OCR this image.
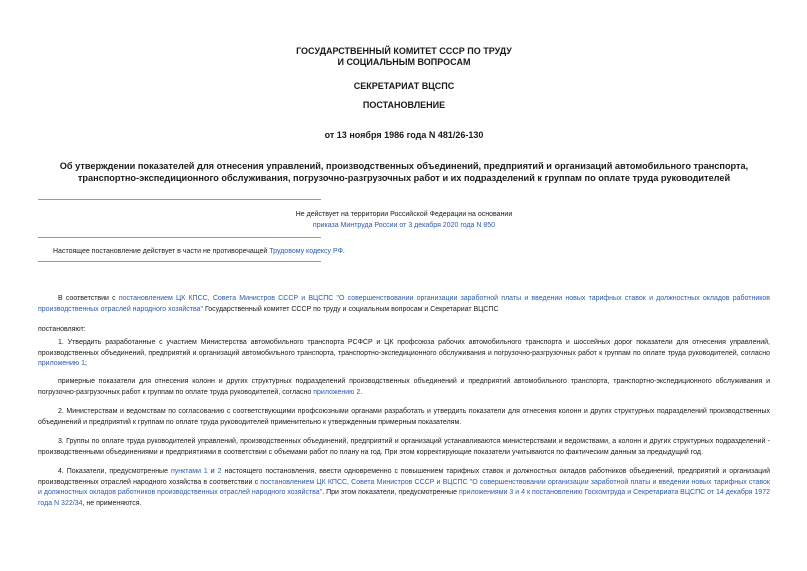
ГОСУДАРСТВЕННЫЙ КОМИТЕТ СССР ПО ТРУДУ
И СОЦИАЛЬНЫМ ВОПРОСАМ
СЕКРЕТАРИАТ ВЦСПС
ПОСТАНОВЛЕНИЕ
от 13 ноября 1986 года N 481/26-130
Об утверждении показателей для отнесения управлений, производственных объединений, предприятий и организаций автомобильного транспорта, транспортно-экспедиционного обслуживания, погрузочно-разгрузочных работ и их подразделений к группам по оплате труда руководителей
Не действует на территории Российской Федерации на основании
приказа Минтруда России от 3 декабря 2020 года N 850
Настоящее постановление действует в части не противоречащей Трудовому кодексу РФ.
В соответствии с постановлением ЦК КПСС, Совета Министров СССР и ВЦСПС "О совершенствовании организации заработной платы и введении новых тарифных ставок и должностных окладов работников производственных отраслей народного хозяйства" Государственный комитет СССР по труду и социальным вопросам и Секретариат ВЦСПС
постановляют:
1. Утвердить разработанные с участием Министерства автомобильного транспорта РСФСР и ЦК профсоюза рабочих автомобильного транспорта и шоссейных дорог показатели для отнесения управлений, производственных объединений, предприятий и организаций автомобильного транспорта, транспортно-экспедиционного обслуживания и погрузочно-разгрузочных работ к группам по оплате труда руководителей, согласно приложению 1;
примерные показатели для отнесения колонн и других структурных подразделений производственных объединений и предприятий автомобильного транспорта, транспортно-экспедиционного обслуживания и погрузочно-разгрузочных работ к группам по оплате труда руководителей, согласно приложению 2.
2. Министерствам и ведомствам по согласованию с соответствующими профсоюзными органами разработать и утвердить показатели для отнесения колонн и других структурных подразделений производственных объединений и предприятий к группам по оплате труда руководителей применительно к утвержденным примерным показателям.
3. Группы по оплате труда руководителей управлений, производственных объединений, предприятий и организаций устанавливаются министерствами и ведомствами, а колонн и других структурных подразделений - производственными объединениями и предприятиями в соответствии с объемами работ по плану на год. При этом корректирующие показатели учитываются по фактическим данным за предыдущий год.
4. Показатели, предусмотренные пунктами 1 и 2 настоящего постановления, ввести одновременно с повышением тарифных ставок и должностных окладов работников объединений, предприятий и организаций производственных отраслей народного хозяйства в соответствии с постановлением ЦК КПСС, Совета Министров СССР и ВЦСПС "О совершенствовании организации заработной платы и введении новых тарифных ставок и должностных окладов работников производственных отраслей народного хозяйства". При этом показатели, предусмотренные приложениями 3 и 4 к постановлению Госкомтруда и Секретариата ВЦСПС от 14 декабря 1972 года N 322/34, не применяются.
